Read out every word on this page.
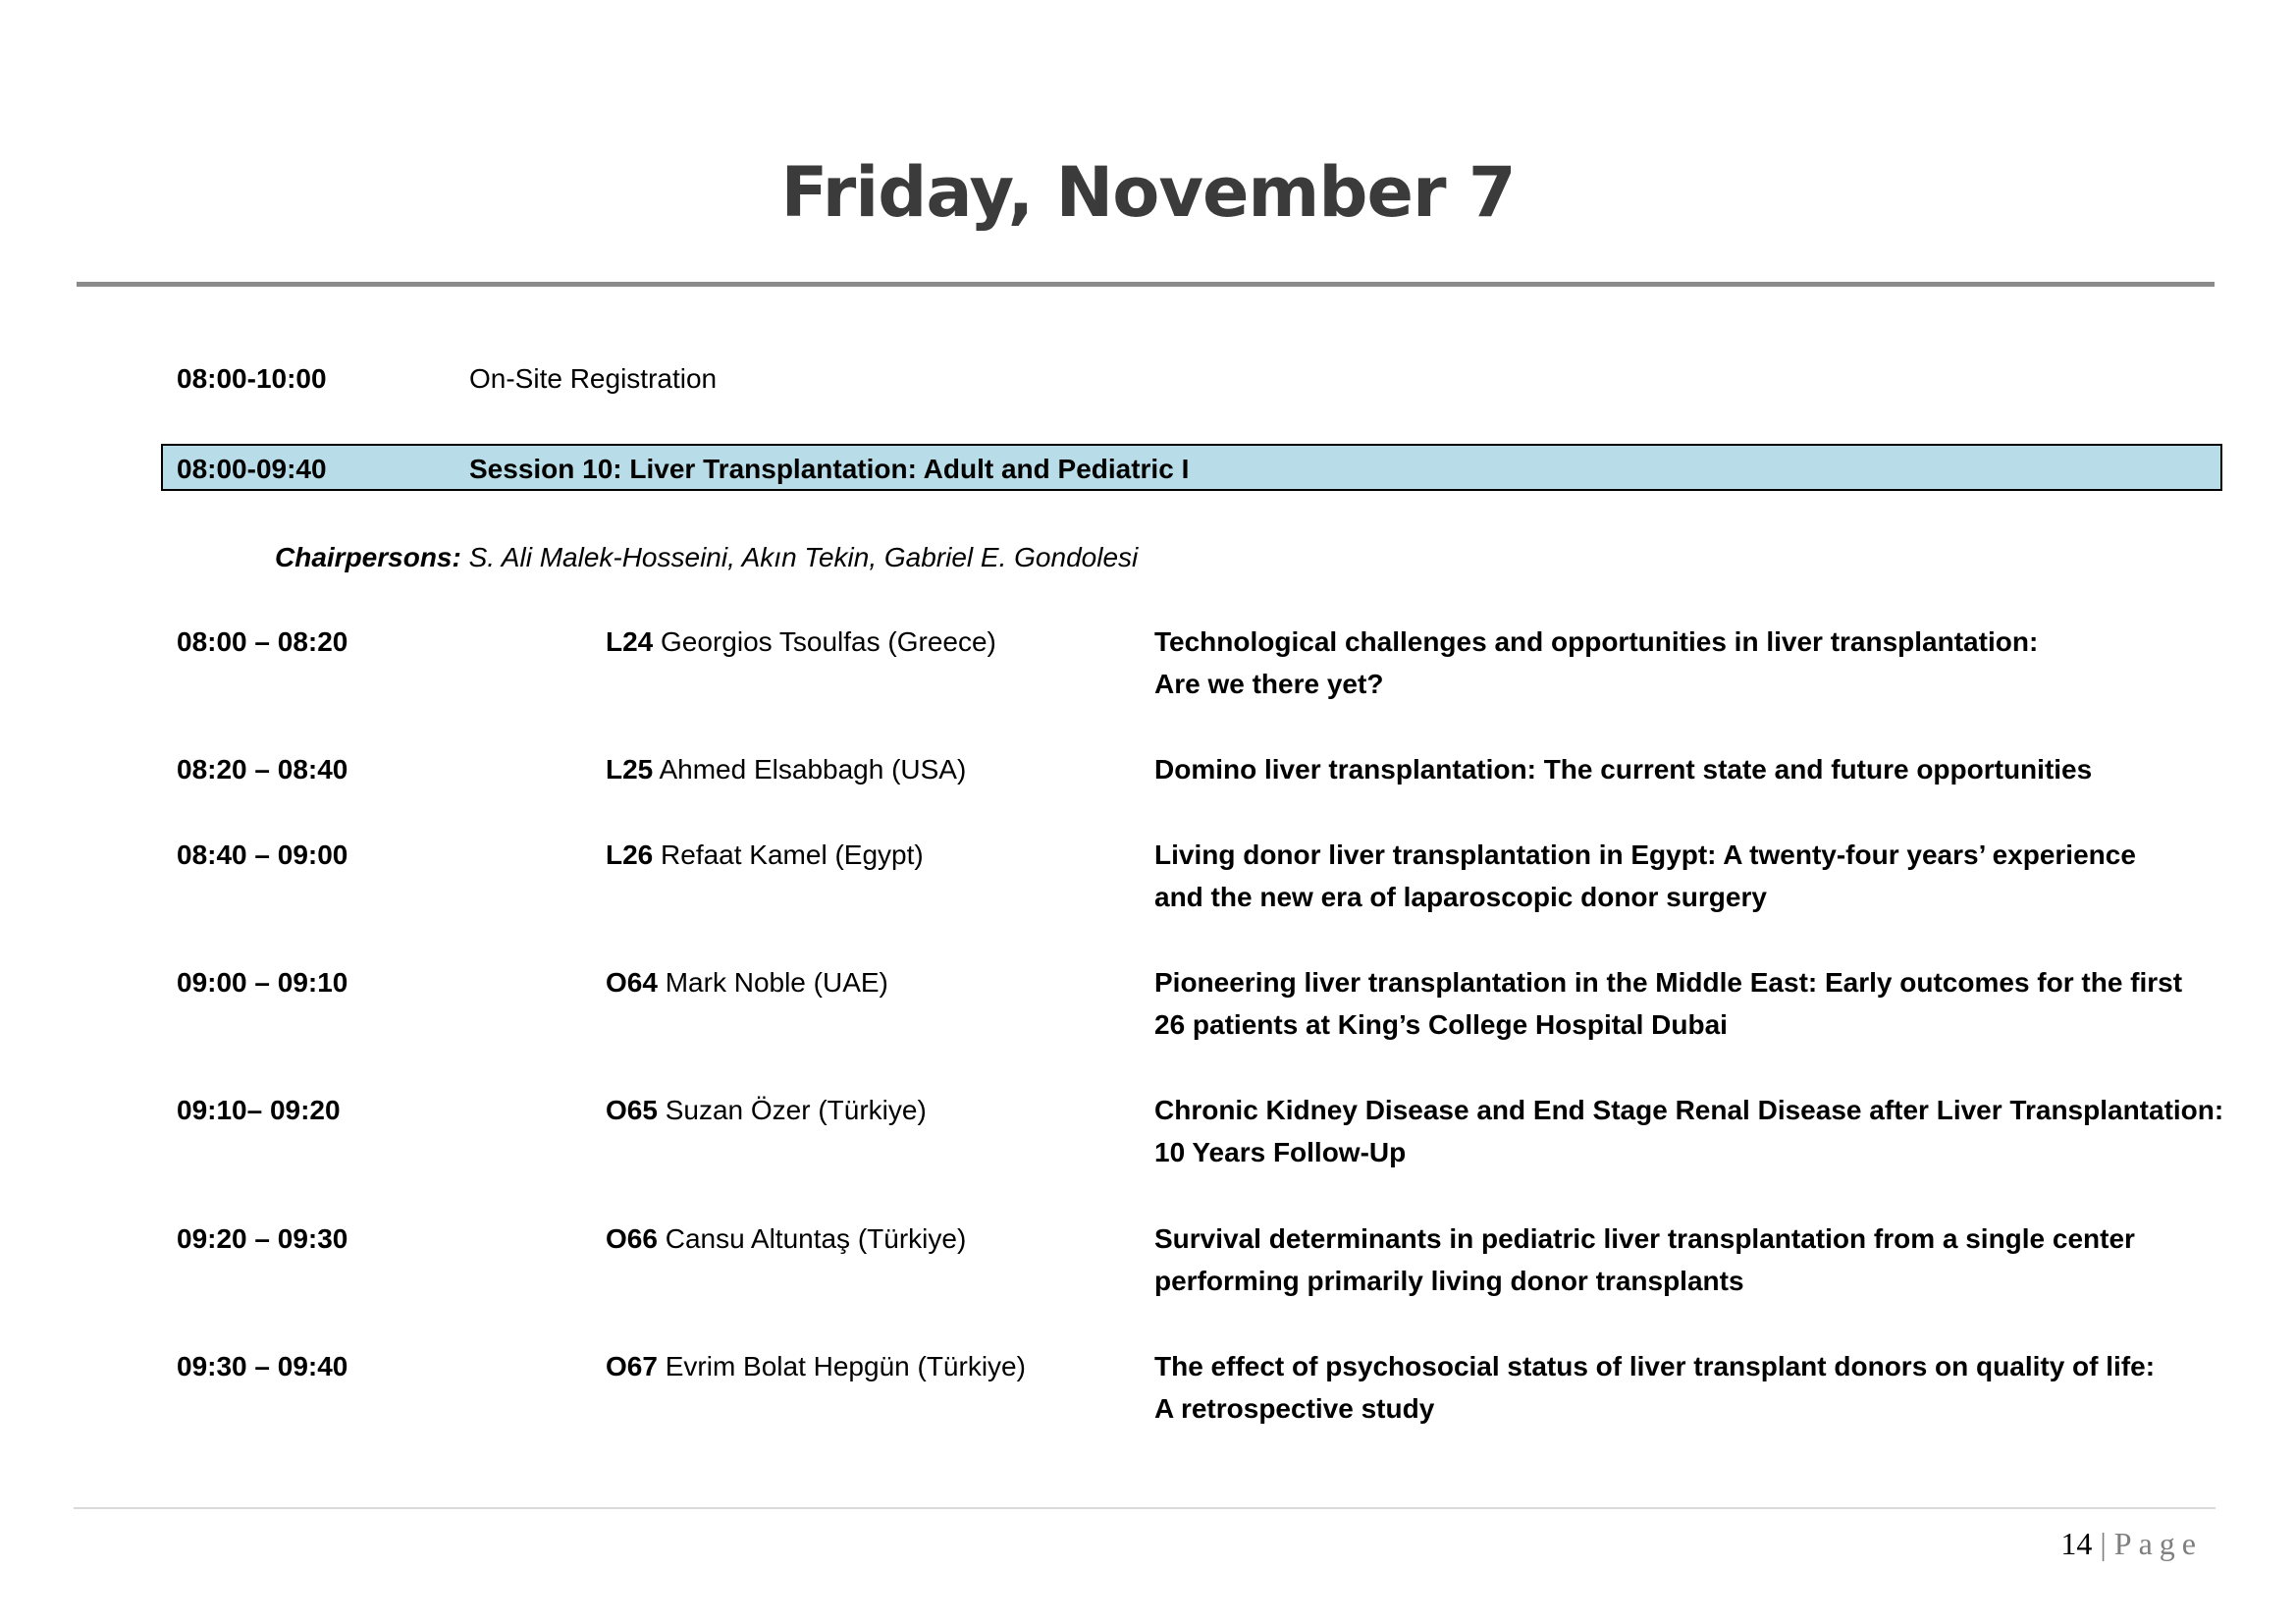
Friday, November 7
08:00-10:00	On-Site Registration
08:00-09:40	Session 10: Liver Transplantation: Adult and Pediatric I
Chairpersons: S. Ali Malek-Hosseini, Akın Tekin, Gabriel E. Gondolesi
08:00 – 08:20	L24 Georgios Tsoulfas (Greece)	Technological challenges and opportunities in liver transplantation:
Are we there yet?
08:20 – 08:40	L25 Ahmed Elsabbagh (USA)	Domino liver transplantation: The current state and future opportunities
08:40 – 09:00	L26 Refaat Kamel (Egypt)	Living donor liver transplantation in Egypt: A twenty-four years’ experience
and the new era of laparoscopic donor surgery
09:00 – 09:10	O64 Mark Noble (UAE)	Pioneering liver transplantation in the Middle East: Early outcomes for the first
26 patients at King’s College Hospital Dubai
09:10– 09:20	O65 Suzan Özer (Türkiye)	Chronic Kidney Disease and End Stage Renal Disease after Liver Transplantation:
10 Years Follow-Up
09:20 – 09:30	O66 Cansu Altuntaş (Türkiye)	Survival determinants in pediatric liver transplantation from a single center
performing primarily living donor transplants
09:30 – 09:40	O67 Evrim Bolat Hepgün (Türkiye)	The effect of psychosocial status of liver transplant donors on quality of life:
A retrospective study
14 | Page
